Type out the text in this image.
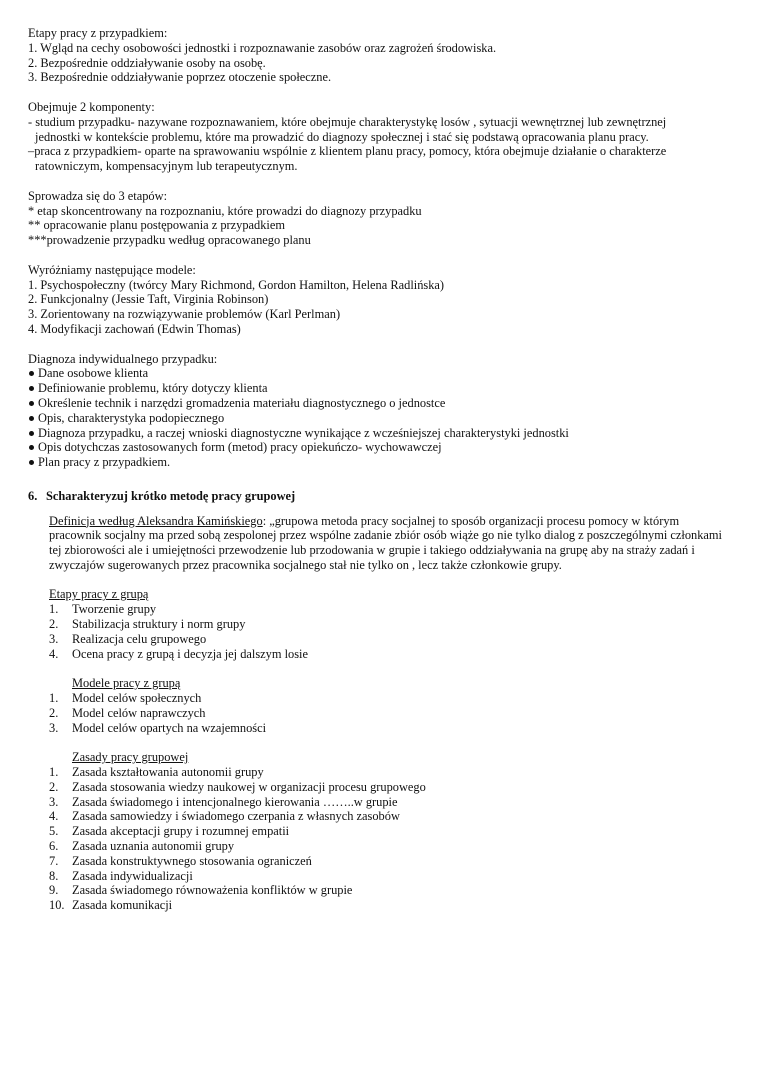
Etapy pracy z przypadkiem:
1. Wgląd na cechy osobowości jednostki i rozpoznawanie zasobów oraz zagrożeń środowiska.
2. Bezpośrednie oddziaływanie osoby na osobę.
3. Bezpośrednie oddziaływanie poprzez otoczenie społeczne.
Obejmuje 2 komponenty:
- studium przypadku- nazywane rozpoznawaniem, które obejmuje charakterystykę losów , sytuacji wewnętrznej lub zewnętrznej
jednostki w kontekście problemu, które ma prowadzić do diagnozy społecznej i stać się podstawą opracowania planu pracy.
–praca z przypadkiem- oparte na sprawowaniu wspólnie z klientem planu pracy, pomocy, która obejmuje działanie o charakterze
ratowniczym, kompensacyjnym lub terapeutycznym.
Sprowadza się do 3 etapów:
* etap skoncentrowany na rozpoznaniu, które prowadzi do diagnozy przypadku
** opracowanie planu postępowania z przypadkiem
***prowadzenie przypadku według opracowanego planu
Wyróżniamy następujące modele:
1. Psychospołeczny (twórcy Mary Richmond, Gordon Hamilton, Helena Radlińska)
2. Funkcjonalny (Jessie Taft, Virginia Robinson)
3. Zorientowany na rozwiązywanie problemów (Karl Perlman)
4. Modyfikacji zachowań (Edwin Thomas)
Diagnoza indywidualnego przypadku:
Dane osobowe klienta
Definiowanie problemu, który dotyczy klienta
Określenie technik i narzędzi gromadzenia materiału diagnostycznego o jednostce
Opis, charakterystyka podopiecznego
Diagnoza przypadku, a raczej wnioski diagnostyczne wynikające z wcześniejszej charakterystyki jednostki
Opis dotychczas zastosowanych form (metod) pracy opiekuńczo- wychowawczej
Plan pracy z przypadkiem.
6. Scharakteryzuj krótko metodę pracy grupowej
Definicja według Aleksandra Kamińskiego: „grupowa metoda pracy socjalnej to sposób organizacji procesu pomocy w którym pracownik socjalny ma przed sobą zespolonej przez wspólne zadanie zbiór osób wiąże go nie tylko dialog z poszczególnymi członkami tej zbiorowości ale i umiejętności przewodzenie lub przodowania w grupie i takiego oddziaływania na grupę aby na straży zadań i zwyczajów sugerowanych przez pracownika socjalnego stał nie tylko on , lecz także członkowie grupy.
Etapy pracy z grupą
1.	Tworzenie grupy
2.	Stabilizacja struktury i norm grupy
3.	Realizacja celu grupowego
4.	Ocena pracy z grupą i decyzja jej dalszym losie
Modele pracy z grupą
1.	Model celów społecznych
2.	Model celów naprawczych
3.	Model celów opartych na wzajemności
Zasady pracy grupowej
1.	Zasada kształtowania autonomii grupy
2.	Zasada stosowania wiedzy naukowej w organizacji procesu grupowego
3.	Zasada świadomego i intencjonalnego kierowania ……..w grupie
4.	Zasada samowiedzy i świadomego czerpania z własnych zasobów
5.	Zasada akceptacji grupy i rozumnej empatii
6.	Zasada uznania autonomii grupy
7.	Zasada konstruktywnego stosowania ograniczeń
8.	Zasada indywidualizacji
9.	Zasada świadomego równoważenia konfliktów w grupie
10. Zasada komunikacji
